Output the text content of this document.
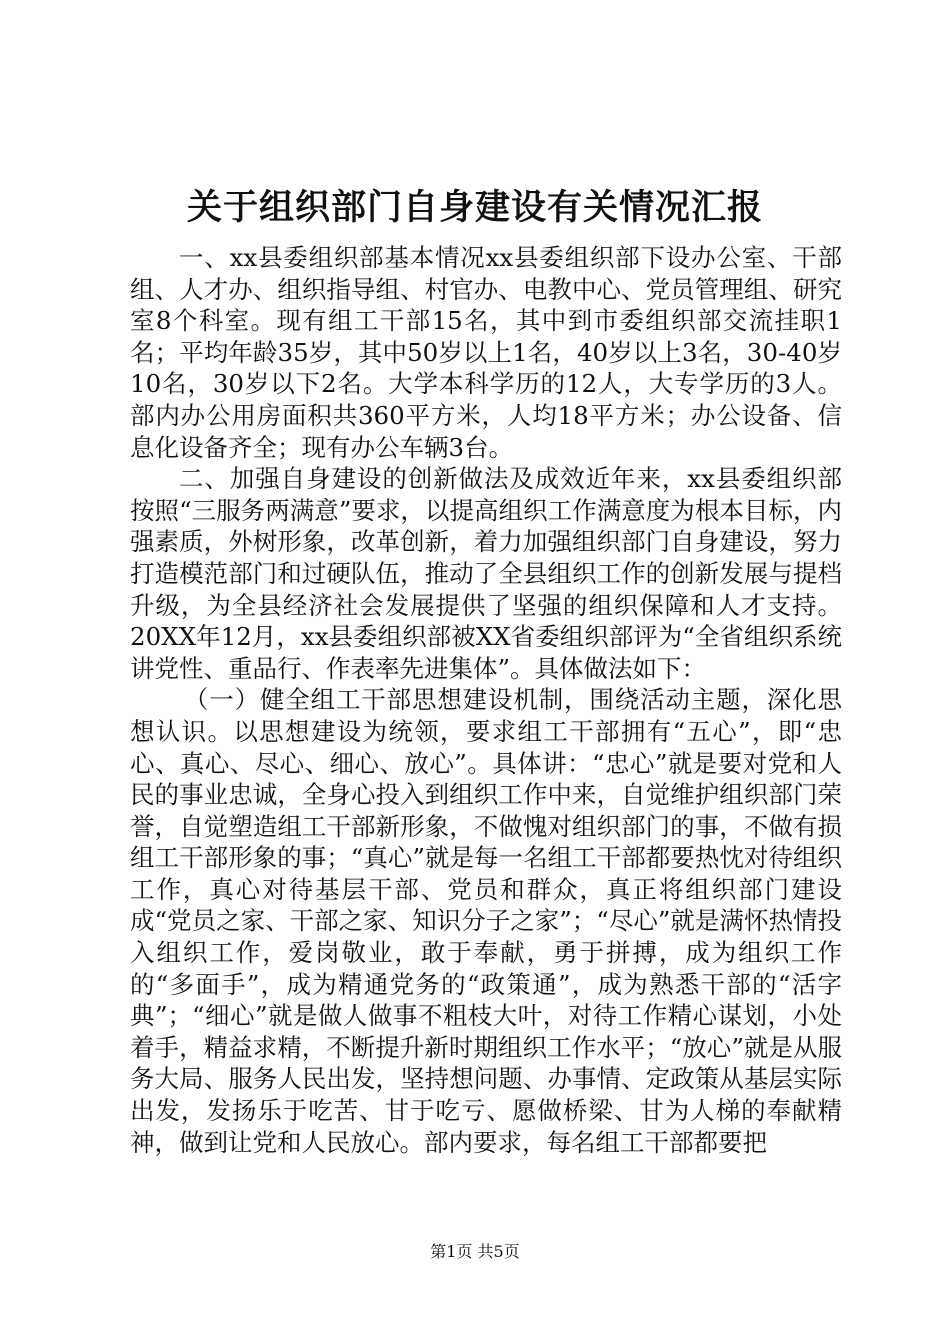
关于组织部门自身建设有关情况汇报

一、xx县委组织部基本情况xx县委组织部下设办公室、干部组、人才办、组织指导组、村官办、电教中心、党员管理组、研究室8个科室。现有组工干部15名，其中到市委组织部交流挂职1名；平均年龄35岁，其中50岁以上1名，40岁以上3名，30-40岁10名，30岁以下2名。大学本科学历的12人，大专学历的3人。部内办公用房面积共360平方米，人均18平方米；办公设备、信息化设备齐全；现有办公车辆3台。

二、加强自身建设的创新做法及成效近年来，xx县委组织部按照“三服务两满意”要求，以提高组织工作满意度为根本目标，内强素质，外树形象，改革创新，着力加强组织部门自身建设，努力打造模范部门和过硬队伍，推动了全县组织工作的创新发展与提档升级，为全县经济社会发展提供了坚强的组织保障和人才支持。20XX年12月，xx县委组织部被XX省委组织部评为“全省组织系统讲党性、重品行、作表率先进集体”。具体做法如下：

（一）健全组工干部思想建设机制，围绕活动主题，深化思想认识。以思想建设为统领，要求组工干部拥有“五心”，即“忠心、真心、尽心、细心、放心”。具体讲：“忠心”就是要对党和人民的事业忠诚，全身心投入到组织工作中来，自觉维护组织部门荣誉，自觉塑造组工干部新形象，不做愧对组织部门的事，不做有损组工干部形象的事；“真心”就是每一名组工干部都要热忱对待组织工作，真心对待基层干部、党员和群众，真正将组织部门建设成“党员之家、干部之家、知识分子之家”；“尽心”就是满怀热情投入组织工作，爱岗敬业，敢于奉献，勇于拼搏，成为组织工作的“多面手”，成为精通党务的“政策通”，成为熟悉干部的“活字典”；“细心”就是做人做事不粗枝大叶，对待工作精心谋划，小处着手，精益求精，不断提升新时期组织工作水平；“放心”就是从服务大局、服务人民出发，坚持想问题、办事情、定政策从基层实际出发，发扬乐于吃苦、甘于吃亏、愿做桥梁、甘为人梯的奉献精神，做到让党和人民放心。部内要求，每名组工干部都要把

第1页 共5页
